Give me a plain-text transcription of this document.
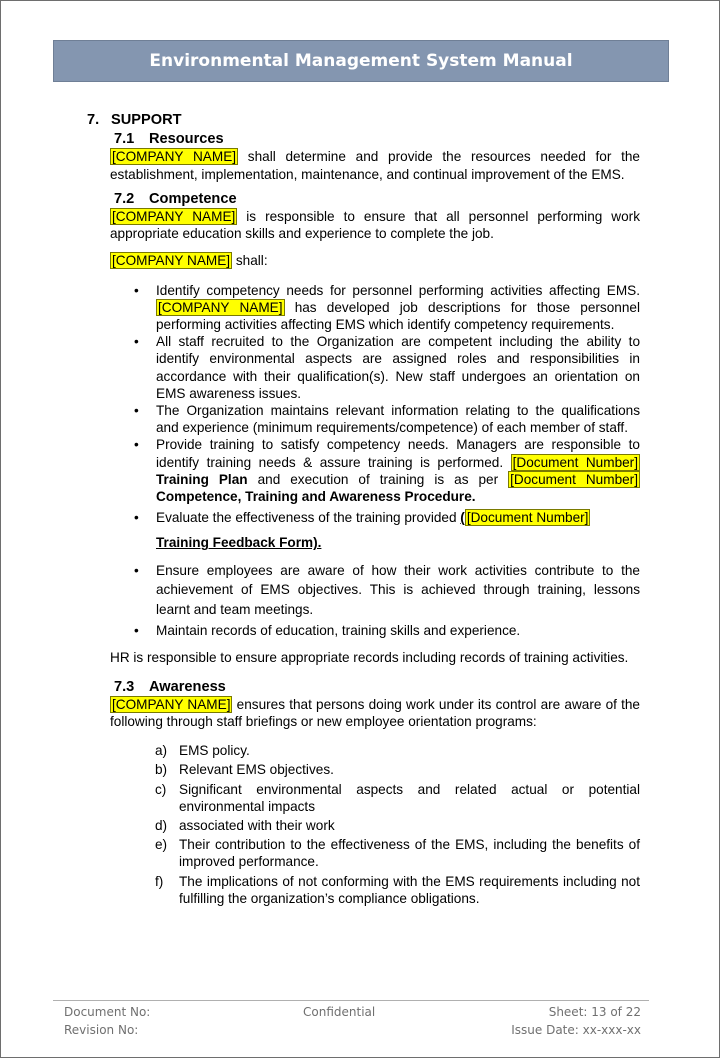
Environmental Management System Manual
7. SUPPORT
7.1 Resources
[COMPANY NAME] shall determine and provide the resources needed for the establishment, implementation, maintenance, and continual improvement of the EMS.
7.2 Competence
[COMPANY NAME] is responsible to ensure that all personnel performing work appropriate education skills and experience to complete the job.
[COMPANY NAME] shall:
• Identify competency needs for personnel performing activities affecting EMS. [COMPANY NAME] has developed job descriptions for those personnel performing activities affecting EMS which identify competency requirements.
• All staff recruited to the Organization are competent including the ability to identify environmental aspects are assigned roles and responsibilities in accordance with their qualification(s). New staff undergoes an orientation on EMS awareness issues.
• The Organization maintains relevant information relating to the qualifications and experience (minimum requirements/competence) of each member of staff.
• Provide training to satisfy competency needs. Managers are responsible to identify training needs & assure training is performed. [Document Number] Training Plan and execution of training is as per [Document Number] Competence, Training and Awareness Procedure.
• Evaluate the effectiveness of the training provided ( [Document Number]
Training Feedback Form).
• Ensure employees are aware of how their work activities contribute to the achievement of EMS objectives. This is achieved through training, lessons learnt and team meetings.
• Maintain records of education, training skills and experience.
HR is responsible to ensure appropriate records including records of training activities.
7.3 Awareness
[COMPANY NAME] ensures that persons doing work under its control are aware of the following through staff briefings or new employee orientation programs:
a) EMS policy.
b) Relevant EMS objectives.
c) Significant environmental aspects and related actual or potential environmental impacts
d) associated with their work
e) Their contribution to the effectiveness of the EMS, including the benefits of improved performance.
f) The implications of not conforming with the EMS requirements including not fulfilling the organization’s compliance obligations.
Document No:	Confidential	Sheet: 13 of 22
Revision No:	Issue Date: xx-xxx-xx
